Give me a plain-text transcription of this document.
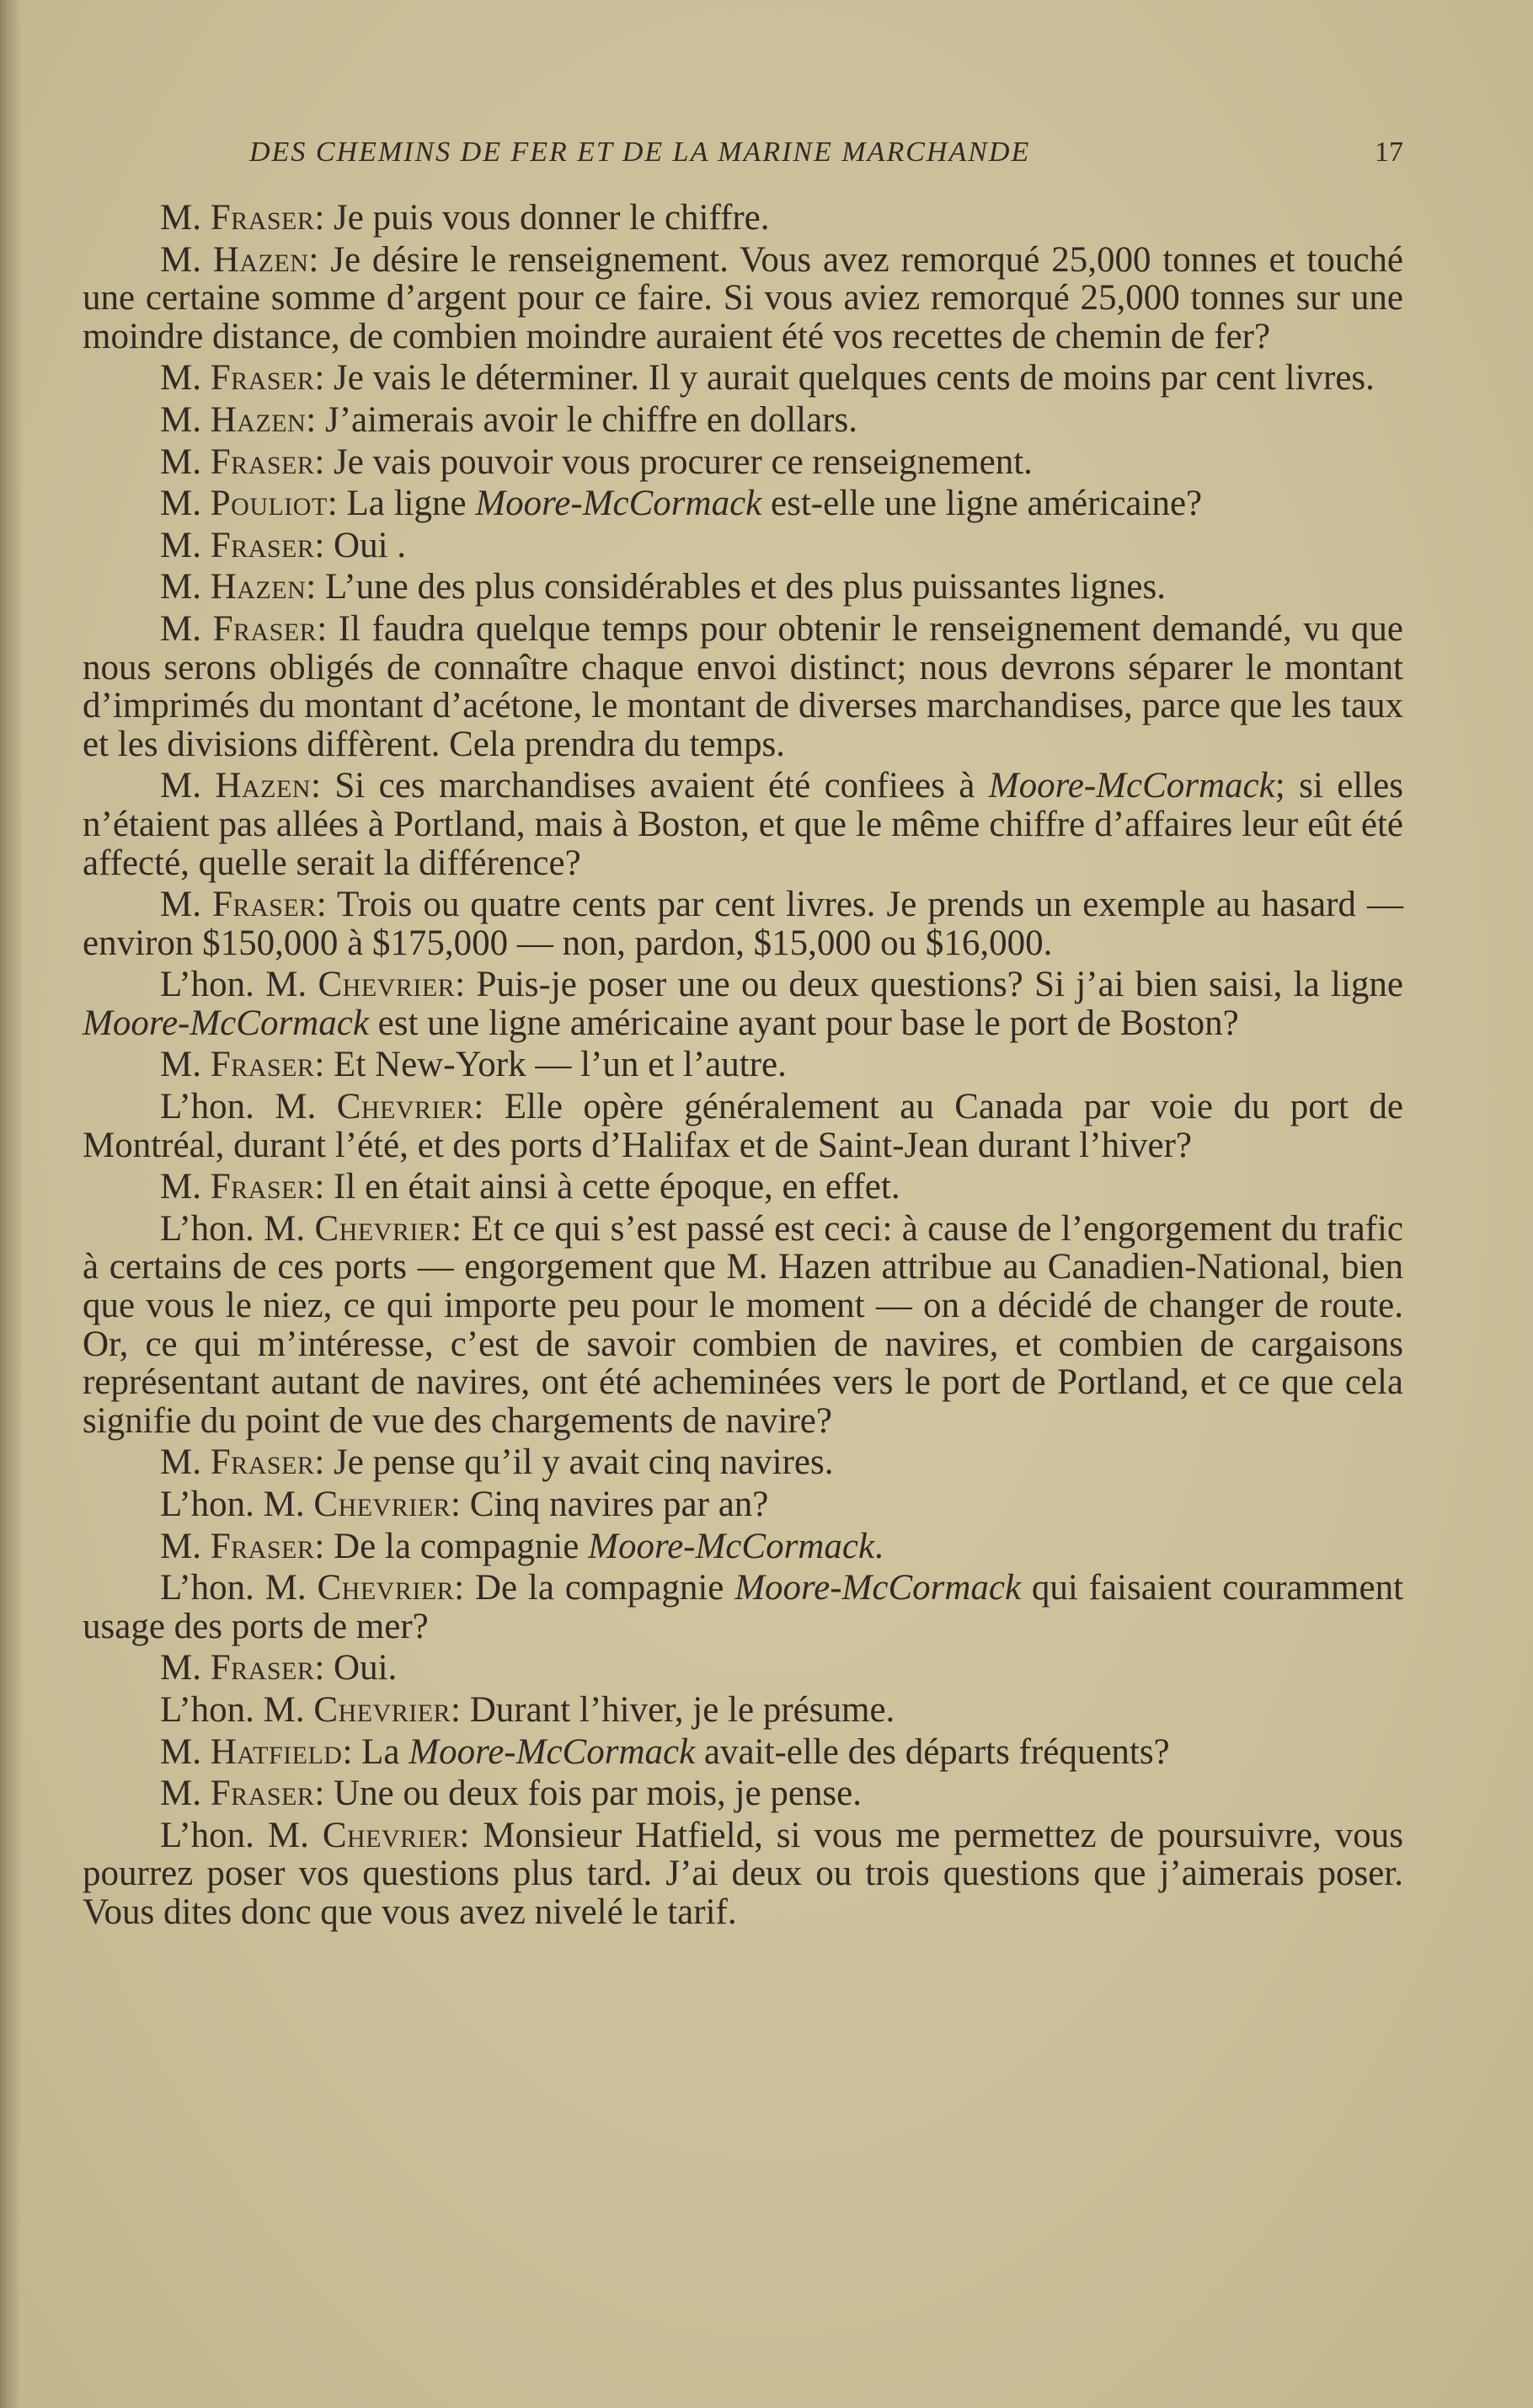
DES CHEMINS DE FER ET DE LA MARINE MARCHANDE	17

M. Fraser: Je puis vous donner le chiffre.

M. Hazen: Je désire le renseignement. Vous avez remorqué 25,000 tonnes et touché une certaine somme d’argent pour ce faire. Si vous aviez remorqué 25,000 tonnes sur une moindre distance, de combien moindre auraient été vos recettes de chemin de fer?

M. Fraser: Je vais le déterminer. Il y aurait quelques cents de moins par cent livres.

M. Hazen: J’aimerais avoir le chiffre en dollars.

M. Fraser: Je vais pouvoir vous procurer ce renseignement.

M. Pouliot: La ligne Moore-McCormack est-elle une ligne américaine?

M. Fraser: Oui .

M. Hazen: L’une des plus considérables et des plus puissantes lignes.

M. Fraser: Il faudra quelque temps pour obtenir le renseignement demandé, vu que nous serons obligés de connaître chaque envoi distinct; nous devrons séparer le montant d’imprimés du montant d’acétone, le montant de diverses marchandises, parce que les taux et les divisions diffèrent. Cela prendra du temps.

M. Hazen: Si ces marchandises avaient été confiees à Moore-McCormack; si elles n’étaient pas allées à Portland, mais à Boston, et que le même chiffre d’affaires leur eût été affecté, quelle serait la différence?

M. Fraser: Trois ou quatre cents par cent livres. Je prends un exemple au hasard — environ $150,000 à $175,000 — non, pardon, $15,000 ou $16,000.

L’hon. M. Chevrier: Puis-je poser une ou deux questions? Si j’ai bien saisi, la ligne Moore-McCormack est une ligne américaine ayant pour base le port de Boston?

M. Fraser: Et New-York — l’un et l’autre.

L’hon. M. Chevrier: Elle opère généralement au Canada par voie du port de Montréal, durant l’été, et des ports d’Halifax et de Saint-Jean durant l’hiver?

M. Fraser: Il en était ainsi à cette époque, en effet.

L’hon. M. Chevrier: Et ce qui s’est passé est ceci: à cause de l’engorgement du trafic à certains de ces ports — engorgement que M. Hazen attribue au Canadien-National, bien que vous le niez, ce qui importe peu pour le moment — on a décidé de changer de route. Or, ce qui m’intéresse, c’est de savoir combien de navires, et combien de cargaisons représentant autant de navires, ont été acheminées vers le port de Portland, et ce que cela signifie du point de vue des chargements de navire?

M. Fraser: Je pense qu’il y avait cinq navires.

L’hon. M. Chevrier: Cinq navires par an?

M. Fraser: De la compagnie Moore-McCormack.

L’hon. M. Chevrier: De la compagnie Moore-McCormack qui faisaient couramment usage des ports de mer?

M. Fraser: Oui.

L’hon. M. Chevrier: Durant l’hiver, je le présume.

M. Hatfield: La Moore-McCormack avait-elle des départs fréquents?

M. Fraser: Une ou deux fois par mois, je pense.

L’hon. M. Chevrier: Monsieur Hatfield, si vous me permettez de poursuivre, vous pourrez poser vos questions plus tard. J’ai deux ou trois questions que j’aimerais poser. Vous dites donc que vous avez nivelé le tarif.
